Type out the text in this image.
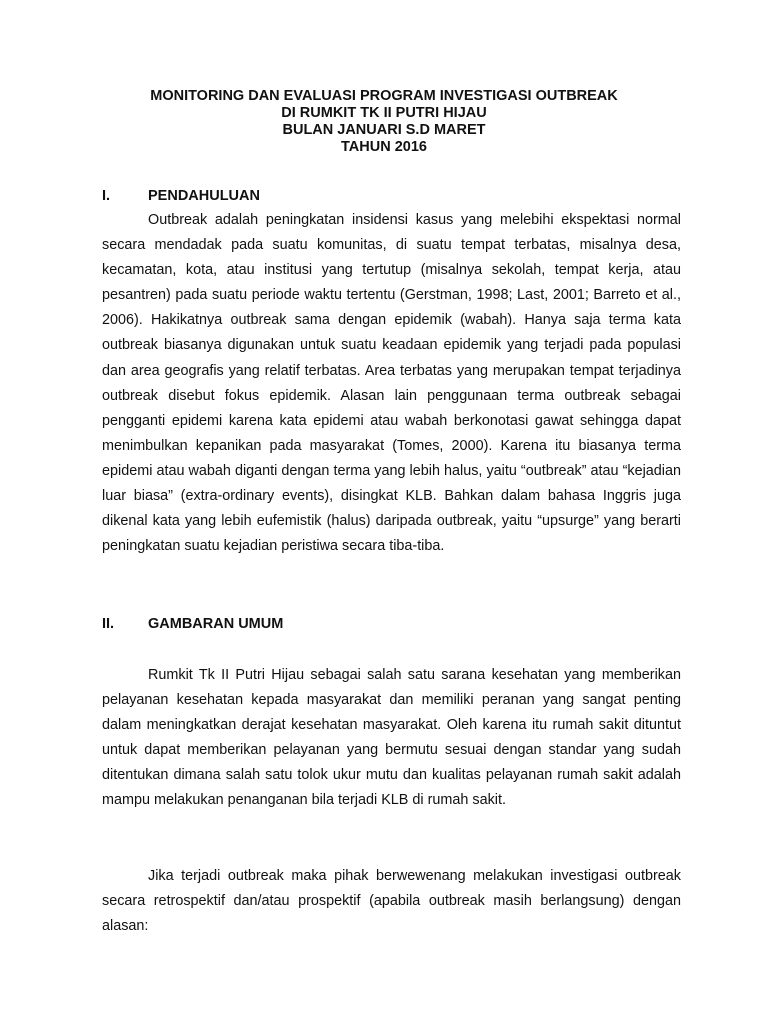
MONITORING DAN EVALUASI PROGRAM INVESTIGASI OUTBREAK
DI RUMKIT TK II PUTRI HIJAU
BULAN JANUARI S.D MARET
TAHUN 2016
I.	PENDAHULUAN

Outbreak adalah peningkatan insidensi kasus yang melebihi ekspektasi normal secara mendadak pada suatu komunitas, di suatu tempat terbatas, misalnya desa, kecamatan, kota, atau institusi yang tertutup (misalnya sekolah, tempat kerja, atau pesantren) pada suatu periode waktu tertentu (Gerstman, 1998; Last, 2001; Barreto et al., 2006). Hakikatnya outbreak sama dengan epidemik (wabah). Hanya saja terma kata outbreak biasanya digunakan untuk suatu keadaan epidemik yang terjadi pada populasi dan area geografis yang relatif terbatas. Area terbatas yang merupakan tempat terjadinya outbreak disebut fokus epidemik. Alasan lain penggunaan terma outbreak sebagai pengganti epidemi karena kata epidemi atau wabah berkonotasi gawat sehingga dapat menimbulkan kepanikan pada masyarakat (Tomes, 2000). Karena itu biasanya terma epidemi atau wabah diganti dengan terma yang lebih halus, yaitu “outbreak” atau “kejadian luar biasa” (extra-ordinary events), disingkat KLB. Bahkan dalam bahasa Inggris juga dikenal kata yang lebih eufemistik (halus) daripada outbreak, yaitu “upsurge” yang berarti peningkatan suatu kejadian peristiwa secara tiba-tiba.

II. GAMBARAN UMUM

Rumkit Tk II Putri Hijau sebagai salah satu sarana kesehatan yang memberikan pelayanan kesehatan kepada masyarakat dan memiliki peranan yang sangat penting dalam meningkatkan derajat kesehatan masyarakat. Oleh karena itu rumah sakit dituntut untuk dapat memberikan pelayanan yang bermutu sesuai dengan standar yang sudah ditentukan dimana salah satu tolok ukur mutu dan kualitas pelayanan rumah sakit adalah mampu melakukan penanganan bila terjadi KLB di rumah sakit.

Jika terjadi outbreak maka pihak berwewenang melakukan investigasi outbreak secara retrospektif dan/atau prospektif (apabila outbreak masih berlangsung) dengan alasan:
